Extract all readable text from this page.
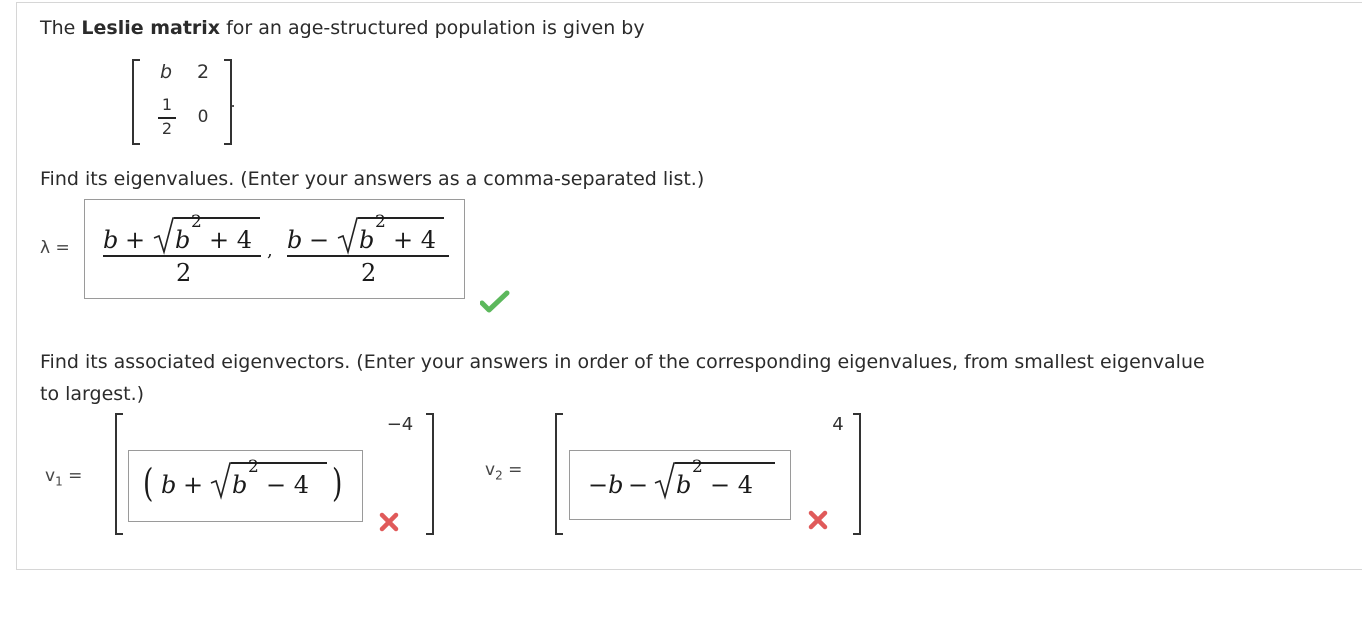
The Leslie matrix for an age-structured population is given by
b 2
1
2
0
.
Find its eigenvalues. (Enter your answers as a comma-separated list.)
λ = b + b
2
+ 4
2
, b − b
2
+ 4
2
Find its associated eigenvectors. (Enter your answers in order of the corresponding eigenvalues, from smallest eigenvalue
to largest.)
$v_1$ =
−4
( b + b
2
− 4 )	$v_2$ =
4
−b − b
2
− 4
